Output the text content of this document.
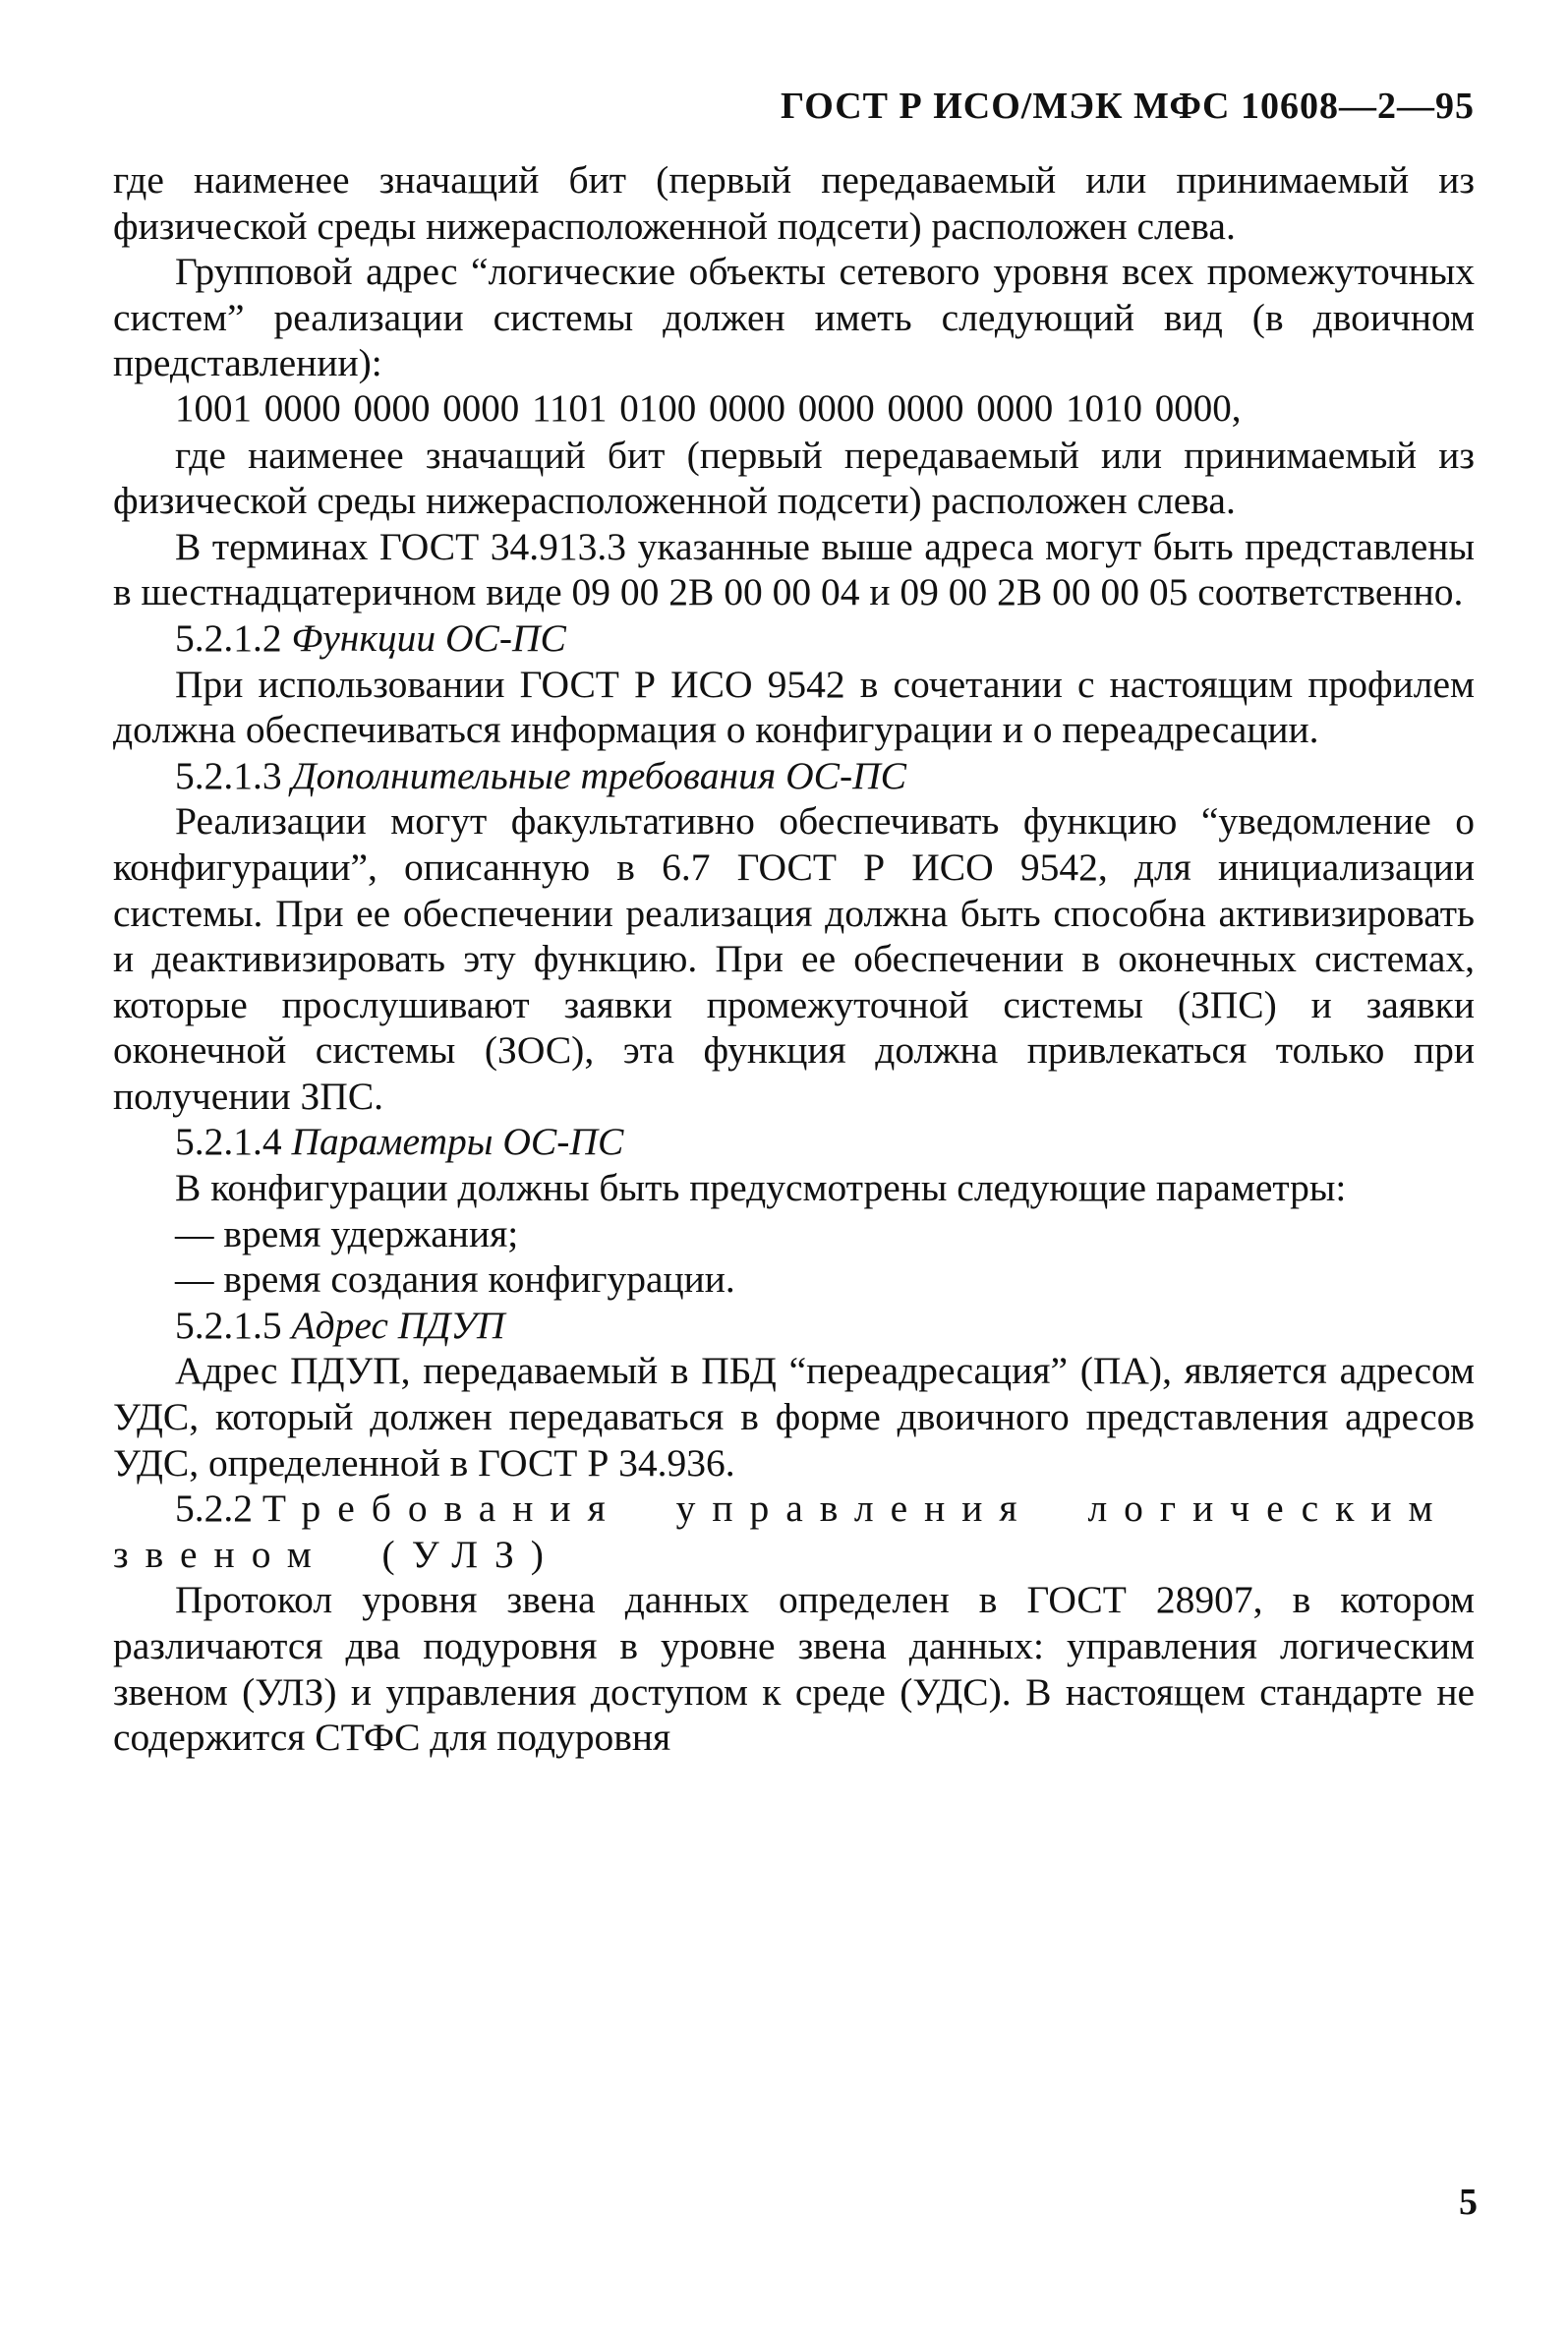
ГОСТ Р ИСО/МЭК МФС 10608—2—95

где наименее значащий бит (первый передаваемый или принимаемый из физической среды нижерасположенной подсети) расположен слева.

Групповой адрес “логические объекты сетевого уровня всех промежуточных систем” реализации системы должен иметь следующий вид (в двоичном представлении):

1001 0000 0000 0000 1101 0100 0000 0000 0000 0000 1010 0000,

где наименее значащий бит (первый передаваемый или принимаемый из физической среды нижерасположенной подсети) расположен слева.

В терминах ГОСТ 34.913.3 указанные выше адреса могут быть представлены в шестнадцатеричном виде 09 00 2B 00 00 04 и 09 00 2B 00 00 05 соответственно.

5.2.1.2 Функции ОС-ПС

При использовании ГОСТ Р ИСО 9542 в сочетании с настоящим профилем должна обеспечиваться информация о конфигурации и о переадресации.

5.2.1.3 Дополнительные требования ОС-ПС

Реализации могут факультативно обеспечивать функцию “уведомление о конфигурации”, описанную в 6.7 ГОСТ Р ИСО 9542, для инициализации системы. При ее обеспечении реализация должна быть способна активизировать и деактивизировать эту функцию. При ее обеспечении в оконечных системах, которые прослушивают заявки промежуточной системы (ЗПС) и заявки оконечной системы (ЗОС), эта функция должна привлекаться только при получении ЗПС.

5.2.1.4 Параметры ОС-ПС

В конфигурации должны быть предусмотрены следующие параметры:

— время удержания;

— время создания конфигурации.

5.2.1.5 Адрес ПДУП

Адрес ПДУП, передаваемый в ПБД “переадресация” (ПА), является адресом УДС, который должен передаваться в форме двоичного представления адресов УДС, определенной в ГОСТ Р 34.936.

5.2.2 Требования управления логическим звеном (УЛЗ)

Протокол уровня звена данных определен в ГОСТ 28907, в котором различаются два подуровня в уровне звена данных: управления логическим звеном (УЛЗ) и управления доступом к среде (УДС). В настоящем стандарте не содержится СТФС для подуровня

5
